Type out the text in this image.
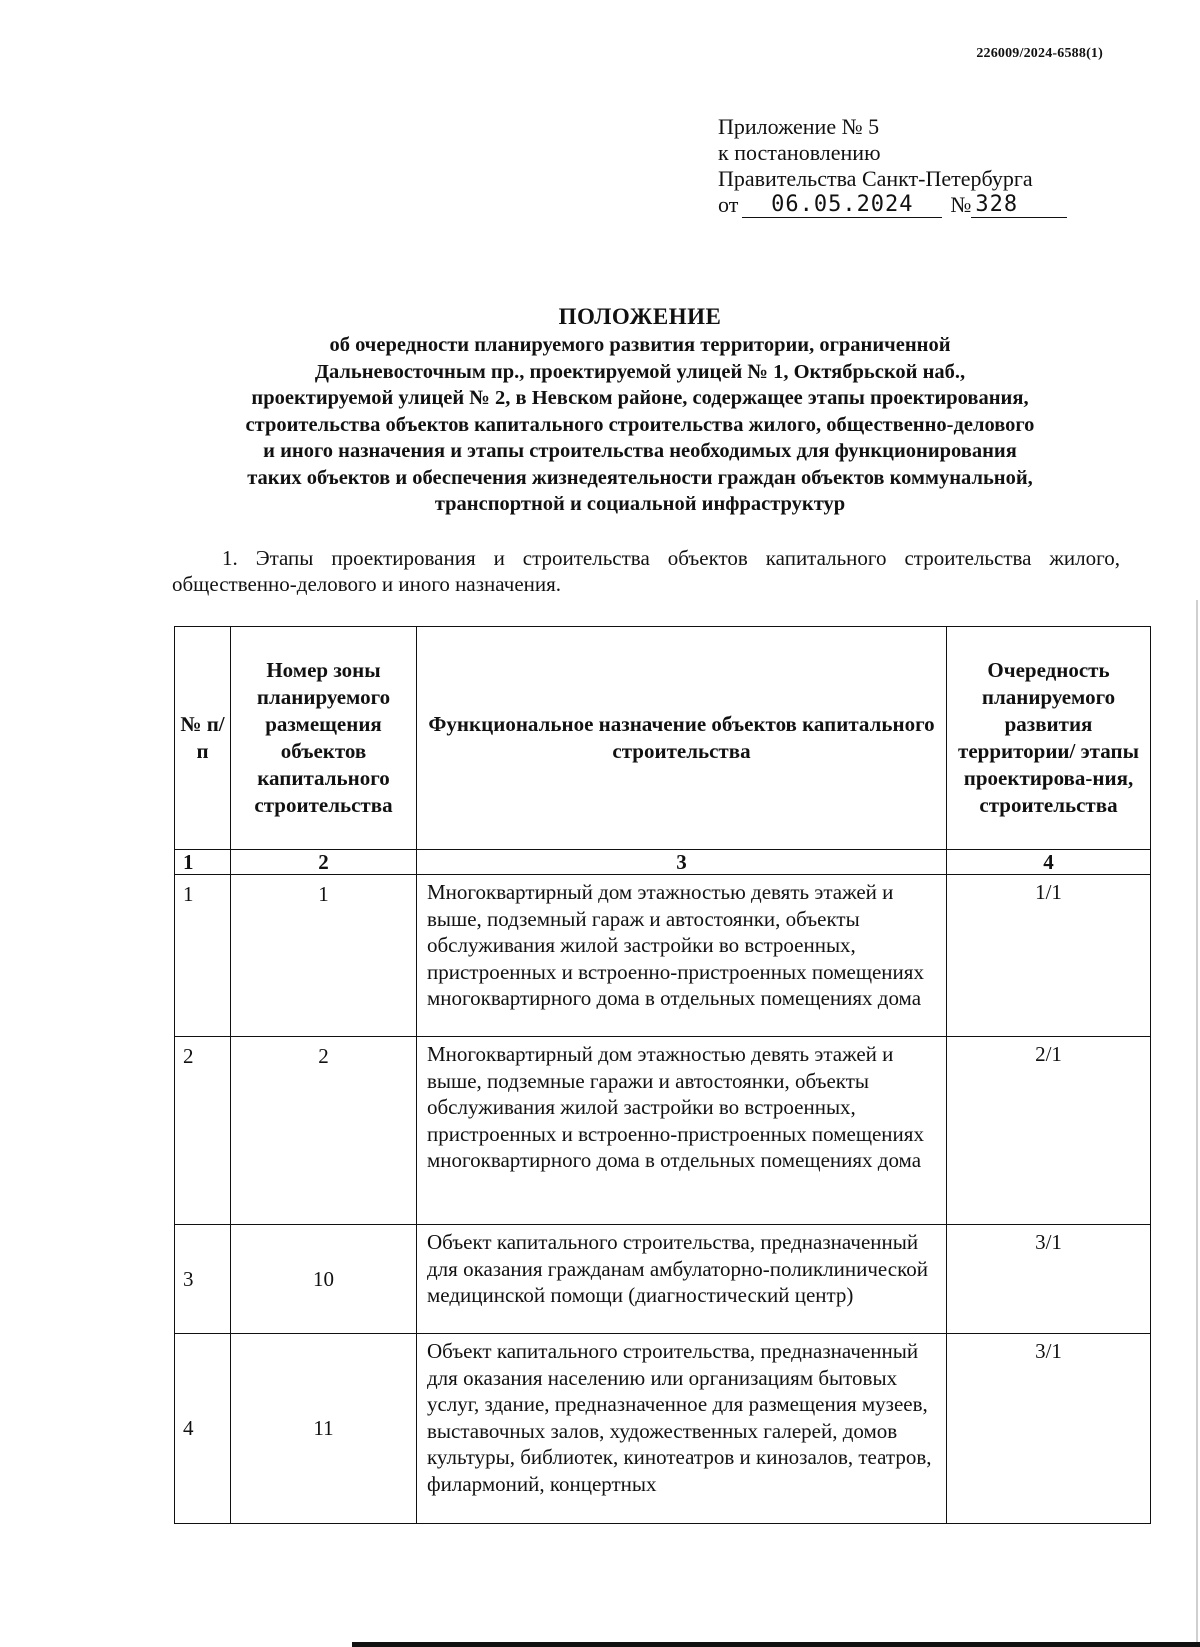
226009/2024-6588(1)
Приложение № 5
к постановлению
Правительства Санкт-Петербурга
от	06.05.2024	№ 328
ПОЛОЖЕНИЕ
об очередности планируемого развития территории, ограниченной
Дальневосточным пр., проектируемой улицей № 1, Октябрьской наб.,
проектируемой улицей № 2, в Невском районе, содержащее этапы проектирования,
строительства объектов капитального строительства жилого, общественно-делового
и иного назначения и этапы строительства необходимых для функционирования
таких объектов и обеспечения жизнедеятельности граждан объектов коммунальной,
транспортной и социальной инфраструктур
1. Этапы проектирования и строительства объектов капитального строительства жилого, общественно-делового и иного назначения.
№ п/п	Номер зоны планируемого размещения объектов капитального строительства	Функциональное назначение объектов капитального строительства	Очередность планируемого развития территории/ этапы проектирова-ния, строительства
1	2	3	4
1	1	Многоквартирный дом этажностью девять этажей и выше, подземный гараж и автостоянки, объекты обслуживания жилой застройки во встроенных, пристроенных и встроенно-пристроенных помещениях многоквартирного дома в отдельных помещениях дома	1/1
2	2	Многоквартирный дом этажностью девять этажей и выше, подземные гаражи и автостоянки, объекты обслуживания жилой застройки во встроенных, пристроенных и встроенно-пристроенных помещениях многоквартирного дома в отдельных помещениях дома	2/1
3	10	Объект капитального строительства, предназначенный для оказания гражданам амбулаторно-поликлинической медицинской помощи (диагностический центр)	3/1
4	11	Объект капитального строительства, предназначенный для оказания населению или организациям бытовых услуг, здание, предназначенное для размещения музеев, выставочных залов, художественных галерей, домов культуры, библиотек, кинотеатров и кинозалов, театров, филармоний, концертных	3/1
